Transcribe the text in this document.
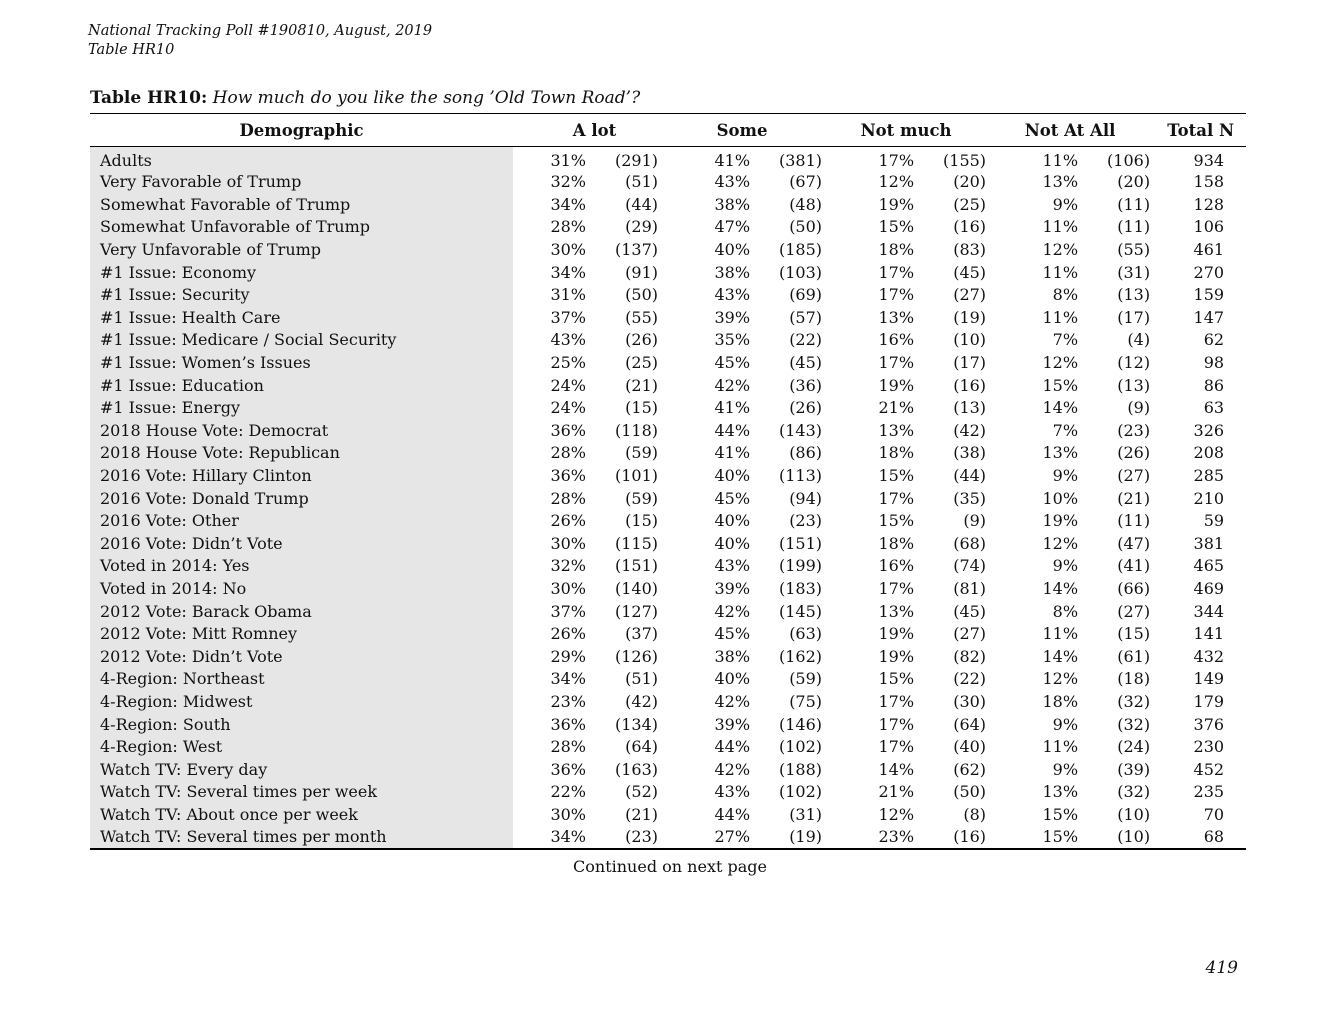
National Tracking Poll #190810, August, 2019
Table HR10
Table HR10: How much do you like the song ’Old Town Road’?
Demographic		A lot		Some		Not much		Not At All		Total N
Adults		31%	(291)	41%	(381)	17%	(155)	11%	(106)	934
Very Favorable of Trump		32%	(51)	43%	(67)	12%	(20)	13%	(20)	158
Somewhat Favorable of Trump		34%	(44)	38%	(48)	19%	(25)	9%	(11)	128
Somewhat Unfavorable of Trump		28%	(29)	47%	(50)	15%	(16)	11%	(11)	106
Very Unfavorable of Trump		30%	(137)	40%	(185)	18%	(83)	12%	(55)	461
#1 Issue: Economy		34%	(91)	38%	(103)	17%	(45)	11%	(31)	270
#1 Issue: Security		31%	(50)	43%	(69)	17%	(27)	8%	(13)	159
#1 Issue: Health Care		37%	(55)	39%	(57)	13%	(19)	11%	(17)	147
#1 Issue: Medicare / Social Security		43%	(26)	35%	(22)	16%	(10)	7%	(4)	62
#1 Issue: Women’s Issues		25%	(25)	45%	(45)	17%	(17)	12%	(12)	98
#1 Issue: Education		24%	(21)	42%	(36)	19%	(16)	15%	(13)	86
#1 Issue: Energy		24%	(15)	41%	(26)	21%	(13)	14%	(9)	63
2018 House Vote: Democrat		36%	(118)	44%	(143)	13%	(42)	7%	(23)	326
2018 House Vote: Republican		28%	(59)	41%	(86)	18%	(38)	13%	(26)	208
2016 Vote: Hillary Clinton		36%	(101)	40%	(113)	15%	(44)	9%	(27)	285
2016 Vote: Donald Trump		28%	(59)	45%	(94)	17%	(35)	10%	(21)	210
2016 Vote: Other		26%	(15)	40%	(23)	15%	(9)	19%	(11)	59
2016 Vote: Didn’t Vote		30%	(115)	40%	(151)	18%	(68)	12%	(47)	381
Voted in 2014: Yes		32%	(151)	43%	(199)	16%	(74)	9%	(41)	465
Voted in 2014: No		30%	(140)	39%	(183)	17%	(81)	14%	(66)	469
2012 Vote: Barack Obama		37%	(127)	42%	(145)	13%	(45)	8%	(27)	344
2012 Vote: Mitt Romney		26%	(37)	45%	(63)	19%	(27)	11%	(15)	141
2012 Vote: Didn’t Vote		29%	(126)	38%	(162)	19%	(82)	14%	(61)	432
4-Region: Northeast		34%	(51)	40%	(59)	15%	(22)	12%	(18)	149
4-Region: Midwest		23%	(42)	42%	(75)	17%	(30)	18%	(32)	179
4-Region: South		36%	(134)	39%	(146)	17%	(64)	9%	(32)	376
4-Region: West		28%	(64)	44%	(102)	17%	(40)	11%	(24)	230
Watch TV: Every day		36%	(163)	42%	(188)	14%	(62)	9%	(39)	452
Watch TV: Several times per week		22%	(52)	43%	(102)	21%	(50)	13%	(32)	235
Watch TV: About once per week		30%	(21)	44%	(31)	12%	(8)	15%	(10)	70
Watch TV: Several times per month		34%	(23)	27%	(19)	23%	(16)	15%	(10)	68
Continued on next page
419
